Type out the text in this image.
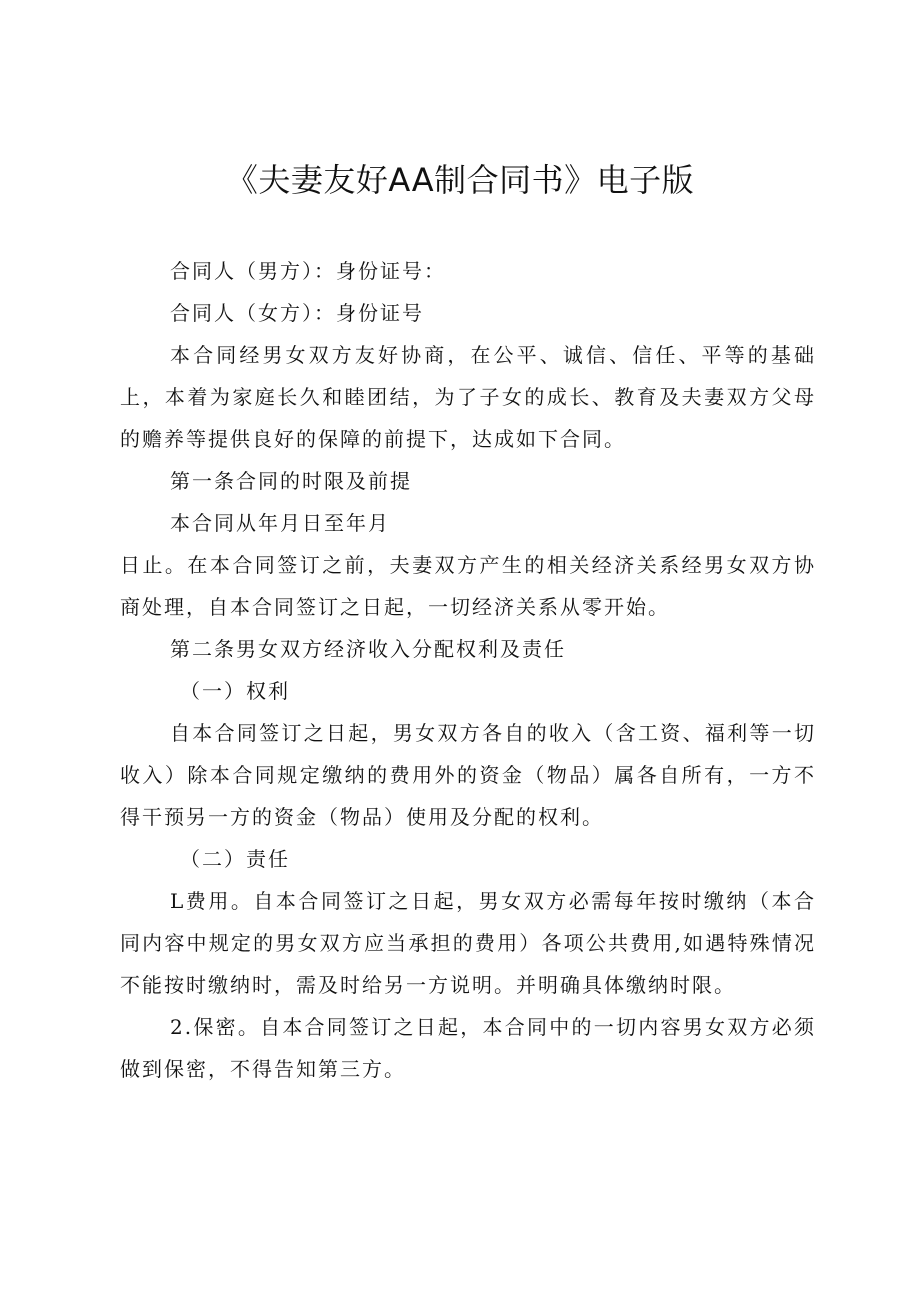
《夫妻友好AA制合同书》电子版

合同人（男方）：身份证号：

合同人（女方）：身份证号

本合同经男女双方友好协商，在公平、诚信、信任、平等的基础上，本着为家庭长久和睦团结，为了子女的成长、教育及夫妻双方父母的赡养等提供良好的保障的前提下，达成如下合同。

第一条合同的时限及前提

本合同从年月日至年月

日止。在本合同签订之前，夫妻双方产生的相关经济关系经男女双方协商处理，自本合同签订之日起，一切经济关系从零开始。

第二条男女双方经济收入分配权利及责任

（一）权利

自本合同签订之日起，男女双方各自的收入（含工资、福利等一切收入）除本合同规定缴纳的费用外的资金（物品）属各自所有，一方不得干预另一方的资金（物品）使用及分配的权利。

（二）责任

L费用。自本合同签订之日起，男女双方必需每年按时缴纳（本合同内容中规定的男女双方应当承担的费用）各项公共费用,如遇特殊情况不能按时缴纳时，需及时给另一方说明。并明确具体缴纳时限。

2.保密。自本合同签订之日起，本合同中的一切内容男女双方必须做到保密，不得告知第三方。
